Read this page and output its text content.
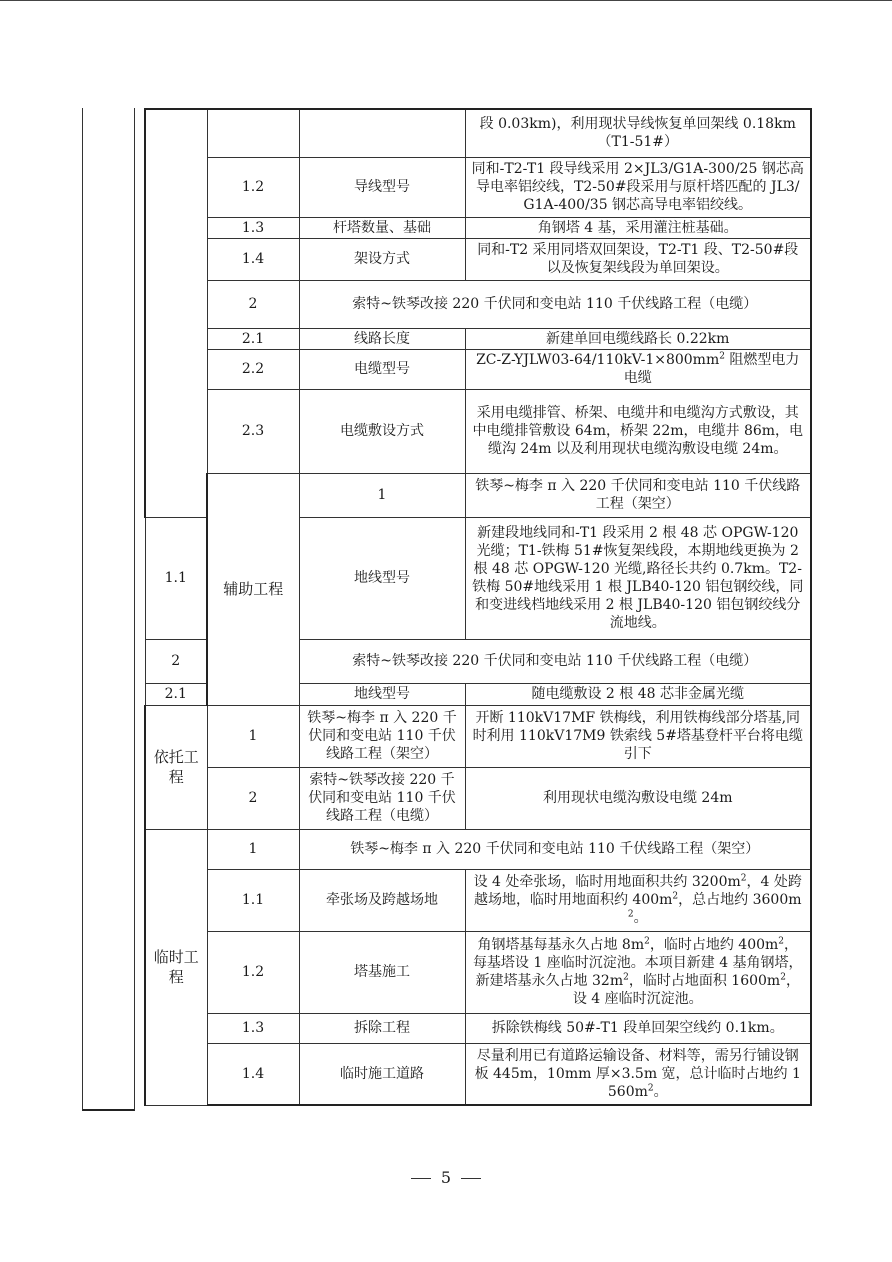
			段 0.03km)，利用现状导线恢复单回架线 0.18km（T1-51#）
	1.2	导线型号	同和-T2-T1 段导线采用 2×JL3/G1A-300/25 钢芯高导电率铝绞线，T2-50#段采用与原杆塔匹配的 JL3/G1A-400/35 钢芯高导电率铝绞线。
	1.3	杆塔数量、基础	角钢塔 4 基，采用灌注桩基础。
	1.4	架设方式	同和-T2 采用同塔双回架设，T2-T1 段、T2-50#段以及恢复架线段为单回架设。
	2	索特~铁琴改接 220 千伏同和变电站 110 千伏线路工程（电缆）	
	2.1	线路长度	新建单回电缆线路长 0.22km
	2.2	电缆型号	$ZC-Z-YJLW03-64/110kV-1\times 800mm^2$ 阻燃型电力电缆
	2.3	电缆敷设方式	采用电缆排管、桥架、电缆井和电缆沟方式敷设，其中电缆排管敷设 64m，桥架 22m，电缆井 86m，电缆沟 24m 以及利用现状电缆沟敷设电缆 24m。
	辅助工程	1	铁琴~梅李 π 入 220 千伏同和变电站 110 千伏线路工程（架空）
1.1		地线型号	新建段地线同和-T1 段采用 2 根 48 芯 OPGW-120 光缆；T1-铁梅 51#恢复架线段，本期地线更换为 2 根 48 芯 OPGW-120 光缆,路径长共约 0.7km。T2-铁梅 50#地线采用 1 根 JLB40-120 铝包钢绞线，同和变进线档地线采用 2 根 JLB40-120 铝包钢绞线分流地线。
2		索特~铁琴改接 220 千伏同和变电站 110 千伏线路工程（电缆）	
2.1		地线型号	随电缆敷设 2 根 48 芯非金属光缆
依托工程	1	铁琴~梅李 π 入 220 千伏同和变电站 110 千伏线路工程（架空）	开断 110kV17MF 铁梅线，利用铁梅线部分塔基,同时利用 110kV17M9 铁索线 5#塔基登杆平台将电缆引下
	2	索特~铁琴改接 220 千伏同和变电站 110 千伏线路工程（电缆）	利用现状电缆沟敷设电缆 24m
临时工程	1	铁琴~梅李 π 入 220 千伏同和变电站 110 千伏线路工程（架空）	
	1.1	牵张场及跨越场地	设 4 处牵张场，临时用地面积共约 $3200m^2$，4 处跨越场地，临时用地面积约 $400m^2$，总占地约 $3600m^2$。
	1.2	塔基施工	角钢塔基每基永久占地 $8m^2$，临时占地约 $400m^2$，每基塔设 1 座临时沉淀池。本项目新建 4 基角钢塔，新建塔基永久占地 $32m^2$，临时占地面积 $1600m^2$，设 4 座临时沉淀池。
	1.3	拆除工程	拆除铁梅线 50#-T1 段单回架空线约 0.1km。
	1.4	临时施工道路	尽量利用已有道路运输设备、材料等，需另行铺设钢板 445m，10mm 厚×3.5m 宽，总计临时占地约 $1560m^2$。
5
